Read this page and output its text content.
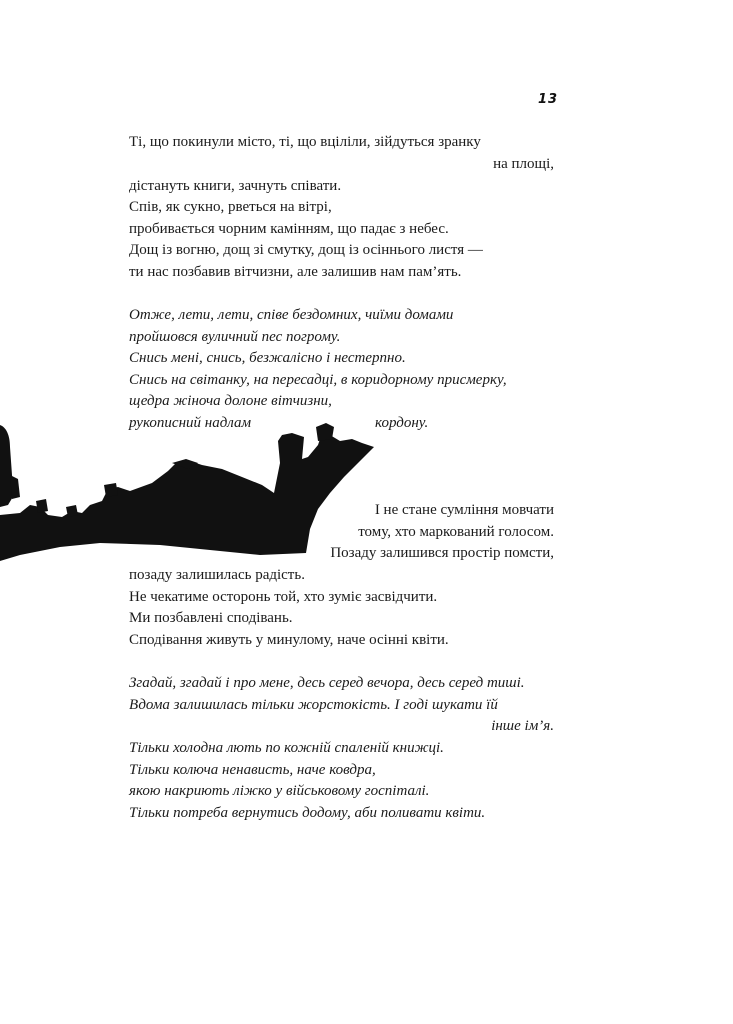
13
Ті, що покинули місто, ті, що вціліли, зійдуться зранку
на площі,
дістануть книги, зачнуть співати.
Спів, як сукно, рветься на вітрі,
пробивається чорним камінням, що падає з небес.
Дощ із вогню, дощ зі смутку, дощ із осіннього листя —
ти нас позбавив вітчизни, але залишив нам пам’ять.
Отже, лети, лети, співе бездомних, чиїми домами
пройшовся вуличний пес погрому.
Снись мені, снись, безжалісно і нестерпно.
Снись на світанку, на пересадці, в коридорному присмерку,
щедра жіноча долоне вітчизни,
рукописний надлам	кордону.
І не стане сумління мовчати
тому, хто маркований голосом.
Позаду залишився простір помсти,
позаду залишилась радість.
Не чекатиме осторонь той, хто зуміє засвідчити.
Ми позбавлені сподівань.
Сподівання живуть у минулому, наче осінні квіти.
Згадай, згадай і про мене, десь серед вечора, десь серед тиші.
Вдома залишилась тільки жорстокість. І годі шукати їй
інше ім’я.
Тільки холодна лють по кожній спаленій книжці.
Тільки колюча ненависть, наче ковдра,
якою накриють ліжко у військовому госпіталі.
Тільки потреба вернутись додому, аби поливати квіти.
